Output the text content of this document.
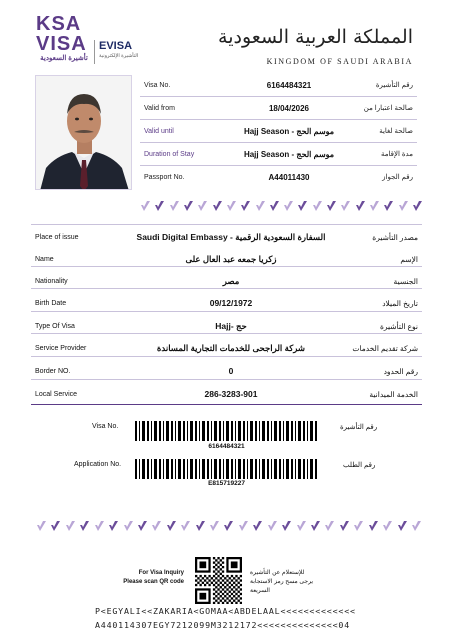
KSA
VISA
تأشيرة السعودية
EVISA
التأشيرة الإلكترونية
المملكة العربية السعودية
KINGDOM OF SAUDI ARABIA
Visa No.	6164484321	رقم التأشيرة
Valid from	18/04/2026	صالحة اعتبارا من
Valid until	Hajj Season - موسم الحج	صالحة لغاية
Duration of Stay	Hajj Season - موسم الحج	مدة الإقامة
Passport No.	A44011430	رقم الجواز
Place of issue	Saudi Digital Embassy - السفارة السعودية الرقمية	مصدر التأشيرة
Name	زكريا جمعه عبد العال على	الإسم
Nationality	مصر	الجنسية
Birth Date	09/12/1972	تاريخ الميلاد
Type Of Visa	Hajj- حج	نوع التأشيرة
Service Provider	شركة الراجحى للخدمات التجارية المساندة	شركة تقديم الخدمات
Border NO.	0	رقم الحدود
Local Service	286-3283-901	الخدمة الميدانية
Visa No.	رقم التأشيرة
6164484321
Application No.	رقم الطلب
E815719227
For Visa Inquiry
Please scan QR code
للإستعلام عن التأشيرة
يرجى مسح رمز الاستجابة السريعة
P<EGYALI<<ZAKARIA<GOMAA<ABDELAAL<<<<<<<<<<<<<
A440114307EGY7212099M3212172<<<<<<<<<<<<<<04
